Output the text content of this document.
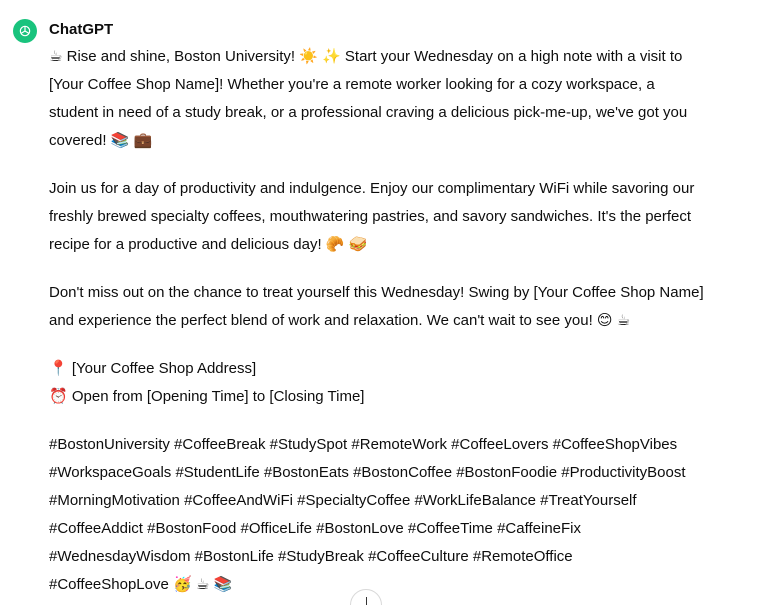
ChatGPT
☕ Rise and shine, Boston University! ☀️ ✨ Start your Wednesday on a high note with a visit to
[Your Coffee Shop Name]! Whether you're a remote worker looking for a cozy workspace, a
student in need of a study break, or a professional craving a delicious pick-me-up, we've got you
covered! 📚 💼
Join us for a day of productivity and indulgence. Enjoy our complimentary WiFi while savoring our
freshly brewed specialty coffees, mouthwatering pastries, and savory sandwiches. It's the perfect
recipe for a productive and delicious day! 🥐 🥪
Don't miss out on the chance to treat yourself this Wednesday! Swing by [Your Coffee Shop Name]
and experience the perfect blend of work and relaxation. We can't wait to see you! 😊 ☕
📍 [Your Coffee Shop Address]
⏰ Open from [Opening Time] to [Closing Time]
#BostonUniversity #CoffeeBreak #StudySpot #RemoteWork #CoffeeLovers #CoffeeShopVibes
#WorkspaceGoals #StudentLife #BostonEats #BostonCoffee #BostonFoodie #ProductivityBoost
#MorningMotivation #CoffeeAndWiFi #SpecialtyCoffee #WorkLifeBalance #TreatYourself
#CoffeeAddict #BostonFood #OfficeLife #BostonLove #CoffeeTime #CaffeineFix
#WednesdayWisdom #BostonLife #StudyBreak #CoffeeCulture #RemoteOffice
#CoffeeShopLove 🥳 ☕ 📚
